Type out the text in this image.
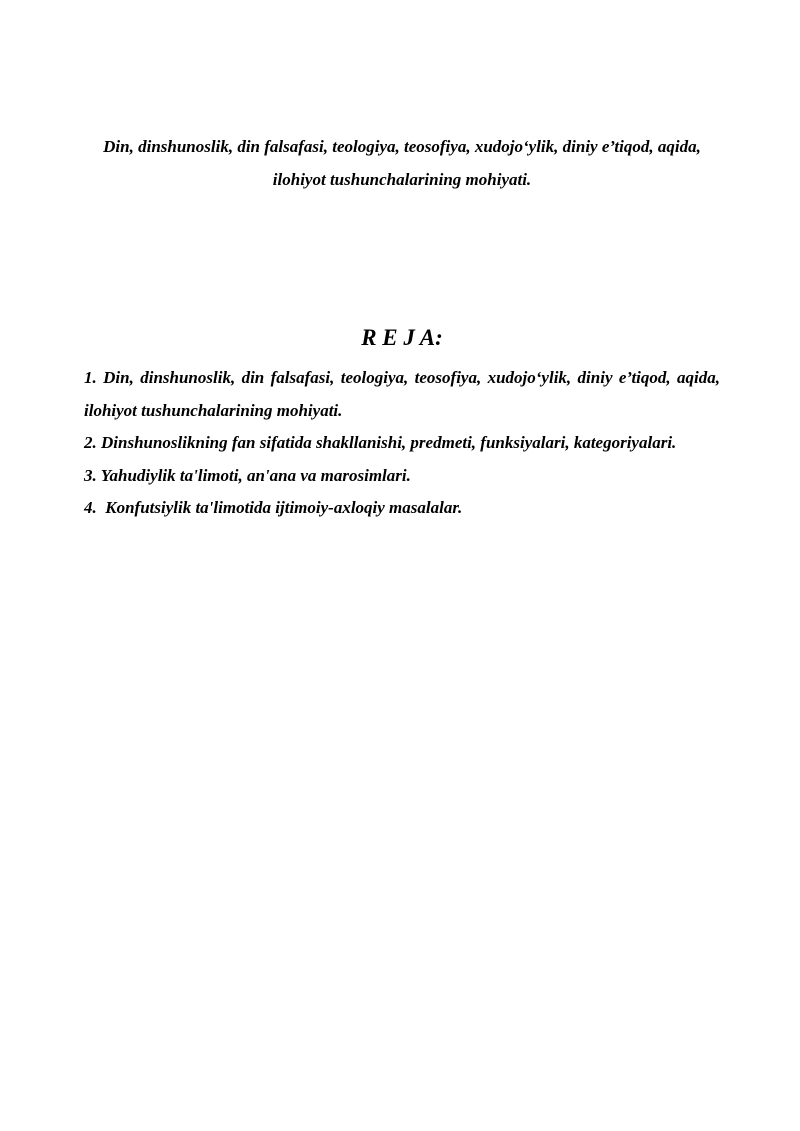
Din, dinshunoslik, din falsafasi, teologiya, teosofiya, xudojo‘ylik, diniy e’tiqod, aqida, ilohiyot tushunchalarining mohiyati.

R E J A:

1. Din, dinshunoslik, din falsafasi, teologiya, teosofiya, xudojo‘ylik, diniy e’tiqod, aqida, ilohiyot tushunchalarining mohiyati.
2. Dinshunoslikning fan sifatida shakllanishi, predmeti, funksiyalari, kategoriyalari.
3. Yahudiylik ta'limoti, an'ana va marosimlari.
4.  Konfutsiylik ta'limotida ijtimoiy-axloqiy masalalar.
